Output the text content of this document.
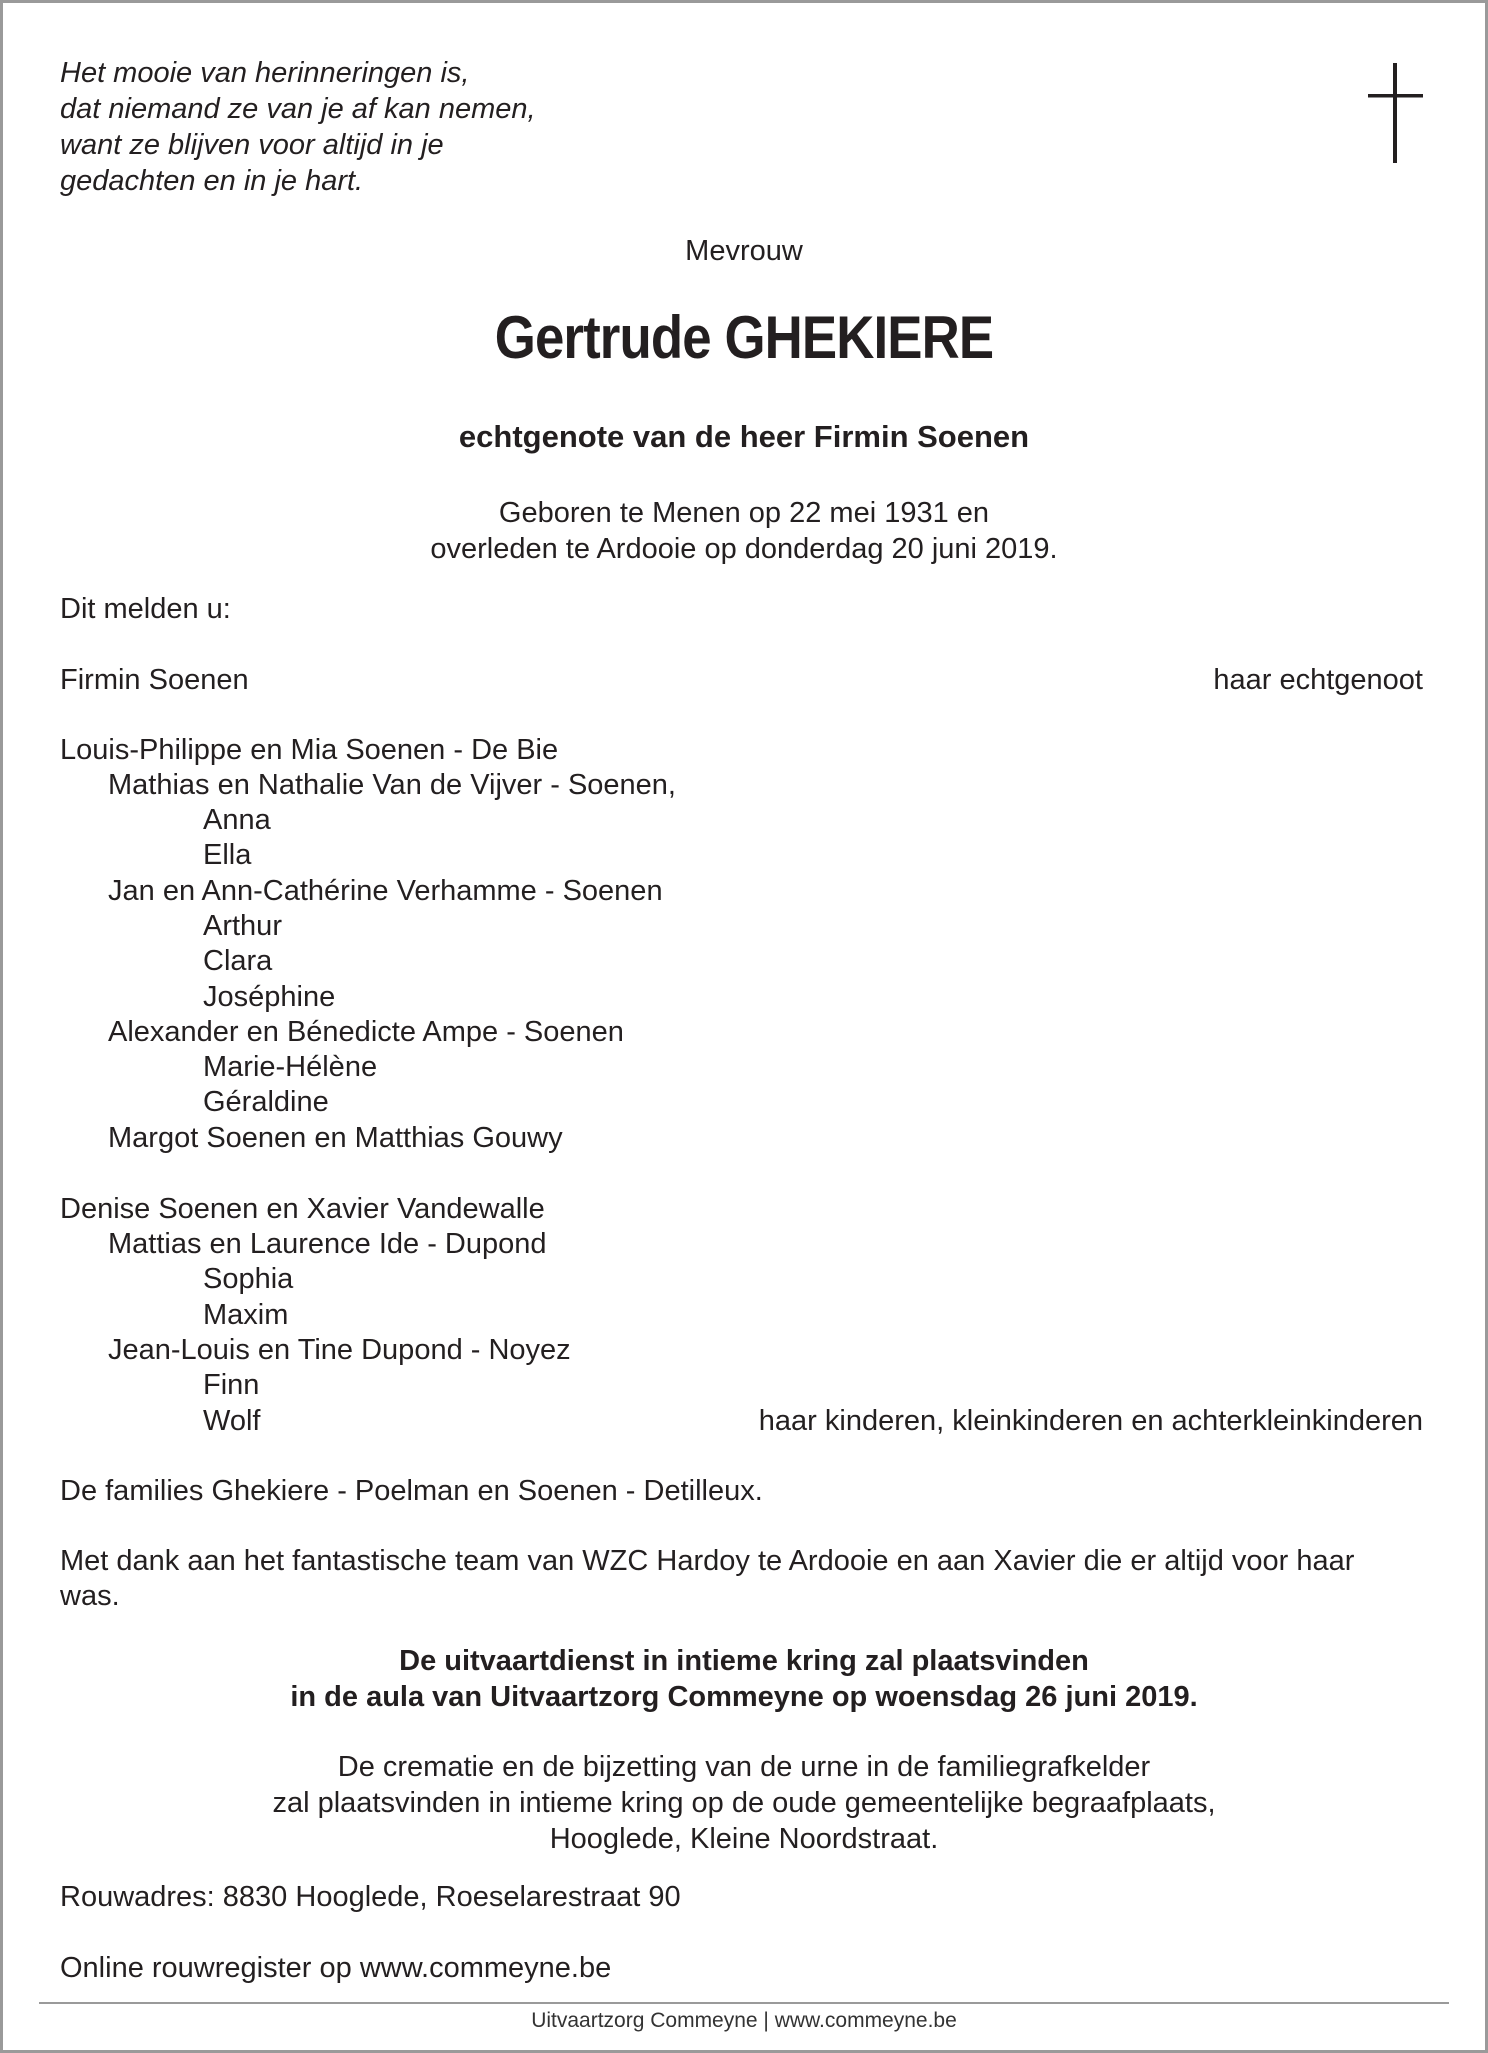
Het mooie van herinneringen is,
dat niemand ze van je af kan nemen,
want ze blijven voor altijd in je
gedachten en in je hart.
Mevrouw
Gertrude GHEKIERE
echtgenote van de heer Firmin Soenen
Geboren te Menen op 22 mei 1931 en
overleden te Ardooie op donderdag 20 juni 2019.
Dit melden u:
Firmin Soenen	haar echtgenoot
Louis-Philippe en Mia Soenen - De Bie
Mathias en Nathalie Van de Vijver - Soenen,
Anna
Ella
Jan en Ann-Cathérine Verhamme - Soenen
Arthur
Clara
Joséphine
Alexander en Bénedicte Ampe - Soenen
Marie-Hélène
Géraldine
Margot Soenen en Matthias Gouwy
Denise Soenen en Xavier Vandewalle
Mattias en Laurence Ide - Dupond
Sophia
Maxim
Jean-Louis en Tine Dupond - Noyez
Finn
Wolf	haar kinderen, kleinkinderen en achterkleinkinderen
De families Ghekiere - Poelman en Soenen - Detilleux.
Met dank aan het fantastische team van WZC Hardoy te Ardooie en aan Xavier die er altijd voor haar was.
De uitvaartdienst in intieme kring zal plaatsvinden
in de aula van Uitvaartzorg Commeyne op woensdag 26 juni 2019.
De crematie en de bijzetting van de urne in de familiegrafkelder
zal plaatsvinden in intieme kring op de oude gemeentelijke begraafplaats,
Hooglede, Kleine Noordstraat.
Rouwadres: 8830 Hooglede, Roeselarestraat 90
Online rouwregister op www.commeyne.be
Uitvaartzorg Commeyne | www.commeyne.be
